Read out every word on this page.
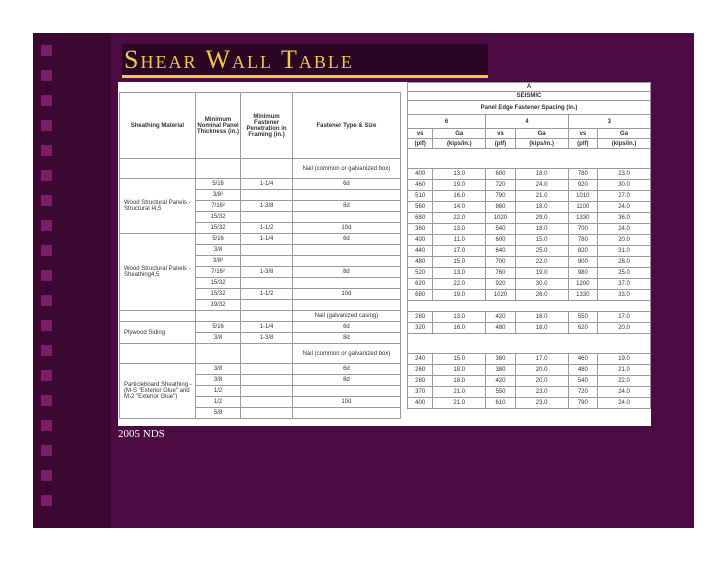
Shear Wall Table
Sheathing Material	Minimum Nominal Panel Thickness (in.)	Minimum Fastener Penetration in Framing (in.)	Fastener Type & Size
			Nail (common or galvanized box)
Wood Structural Panels - Structural I4,5	5/16	1-1/4	6d
	3/8²		
	7/16²	1-3/8	8d
	15/32		
	15/32	1-1/2	10d
Wood Structural Panels - Sheathing4,5	5/16	1-1/4	6d
	3/8		
	3/8²		
	7/16²	1-3/8	8d
	15/32		
	15/32	1-1/2	10d
	19/32		
			Nail (galvanized casing)
Plywood Siding	5/16	1-1/4	6d
	3/8	1-3/8	8d
			Nail (common or galvanized box)
Particleboard Sheathing - (M-S "Exterior Glue" and M-2 "Exterior Glue")	3/8		6d
	3/8		8d
	1/2		
	1/2		10d
	5/8		
A					
SEISMIC					
Panel Edge Fastener Spacing (in.)					
6		4		3	
vs	Ga	vs	Ga	vs	Ga
(plf)	(kips/in.)	(plf)	(kips/in.)	(plf)	(kips/in.)

400	13.0	600	18.0	780	23.0
460	19.0	720	24.0	920	30.0
510	16.0	790	21.0	1010	27.0
560	14.0	860	18.0	1100	24.0
680	22.0	1020	29.0	1330	36.0
360	13.0	540	18.0	700	24.0
400	11.0	600	15.0	780	20.0
440	17.0	640	25.0	820	31.0
480	15.0	700	22.0	900	28.0
520	13.0	760	19.0	980	25.0
620	22.0	920	30.0	1200	37.0
680	19.0	1020	26.0	1330	33.0

280	13.0	420	16.0	550	17.0
320	16.0	480	18.0	620	20.0

240	15.0	360	17.0	460	19.0
260	18.0	380	20.0	480	21.0
280	18.0	420	20.0	540	22.0
370	21.0	550	23.0	720	24.0
400	21.0	610	23.0	790	24.0
2005 NDS
